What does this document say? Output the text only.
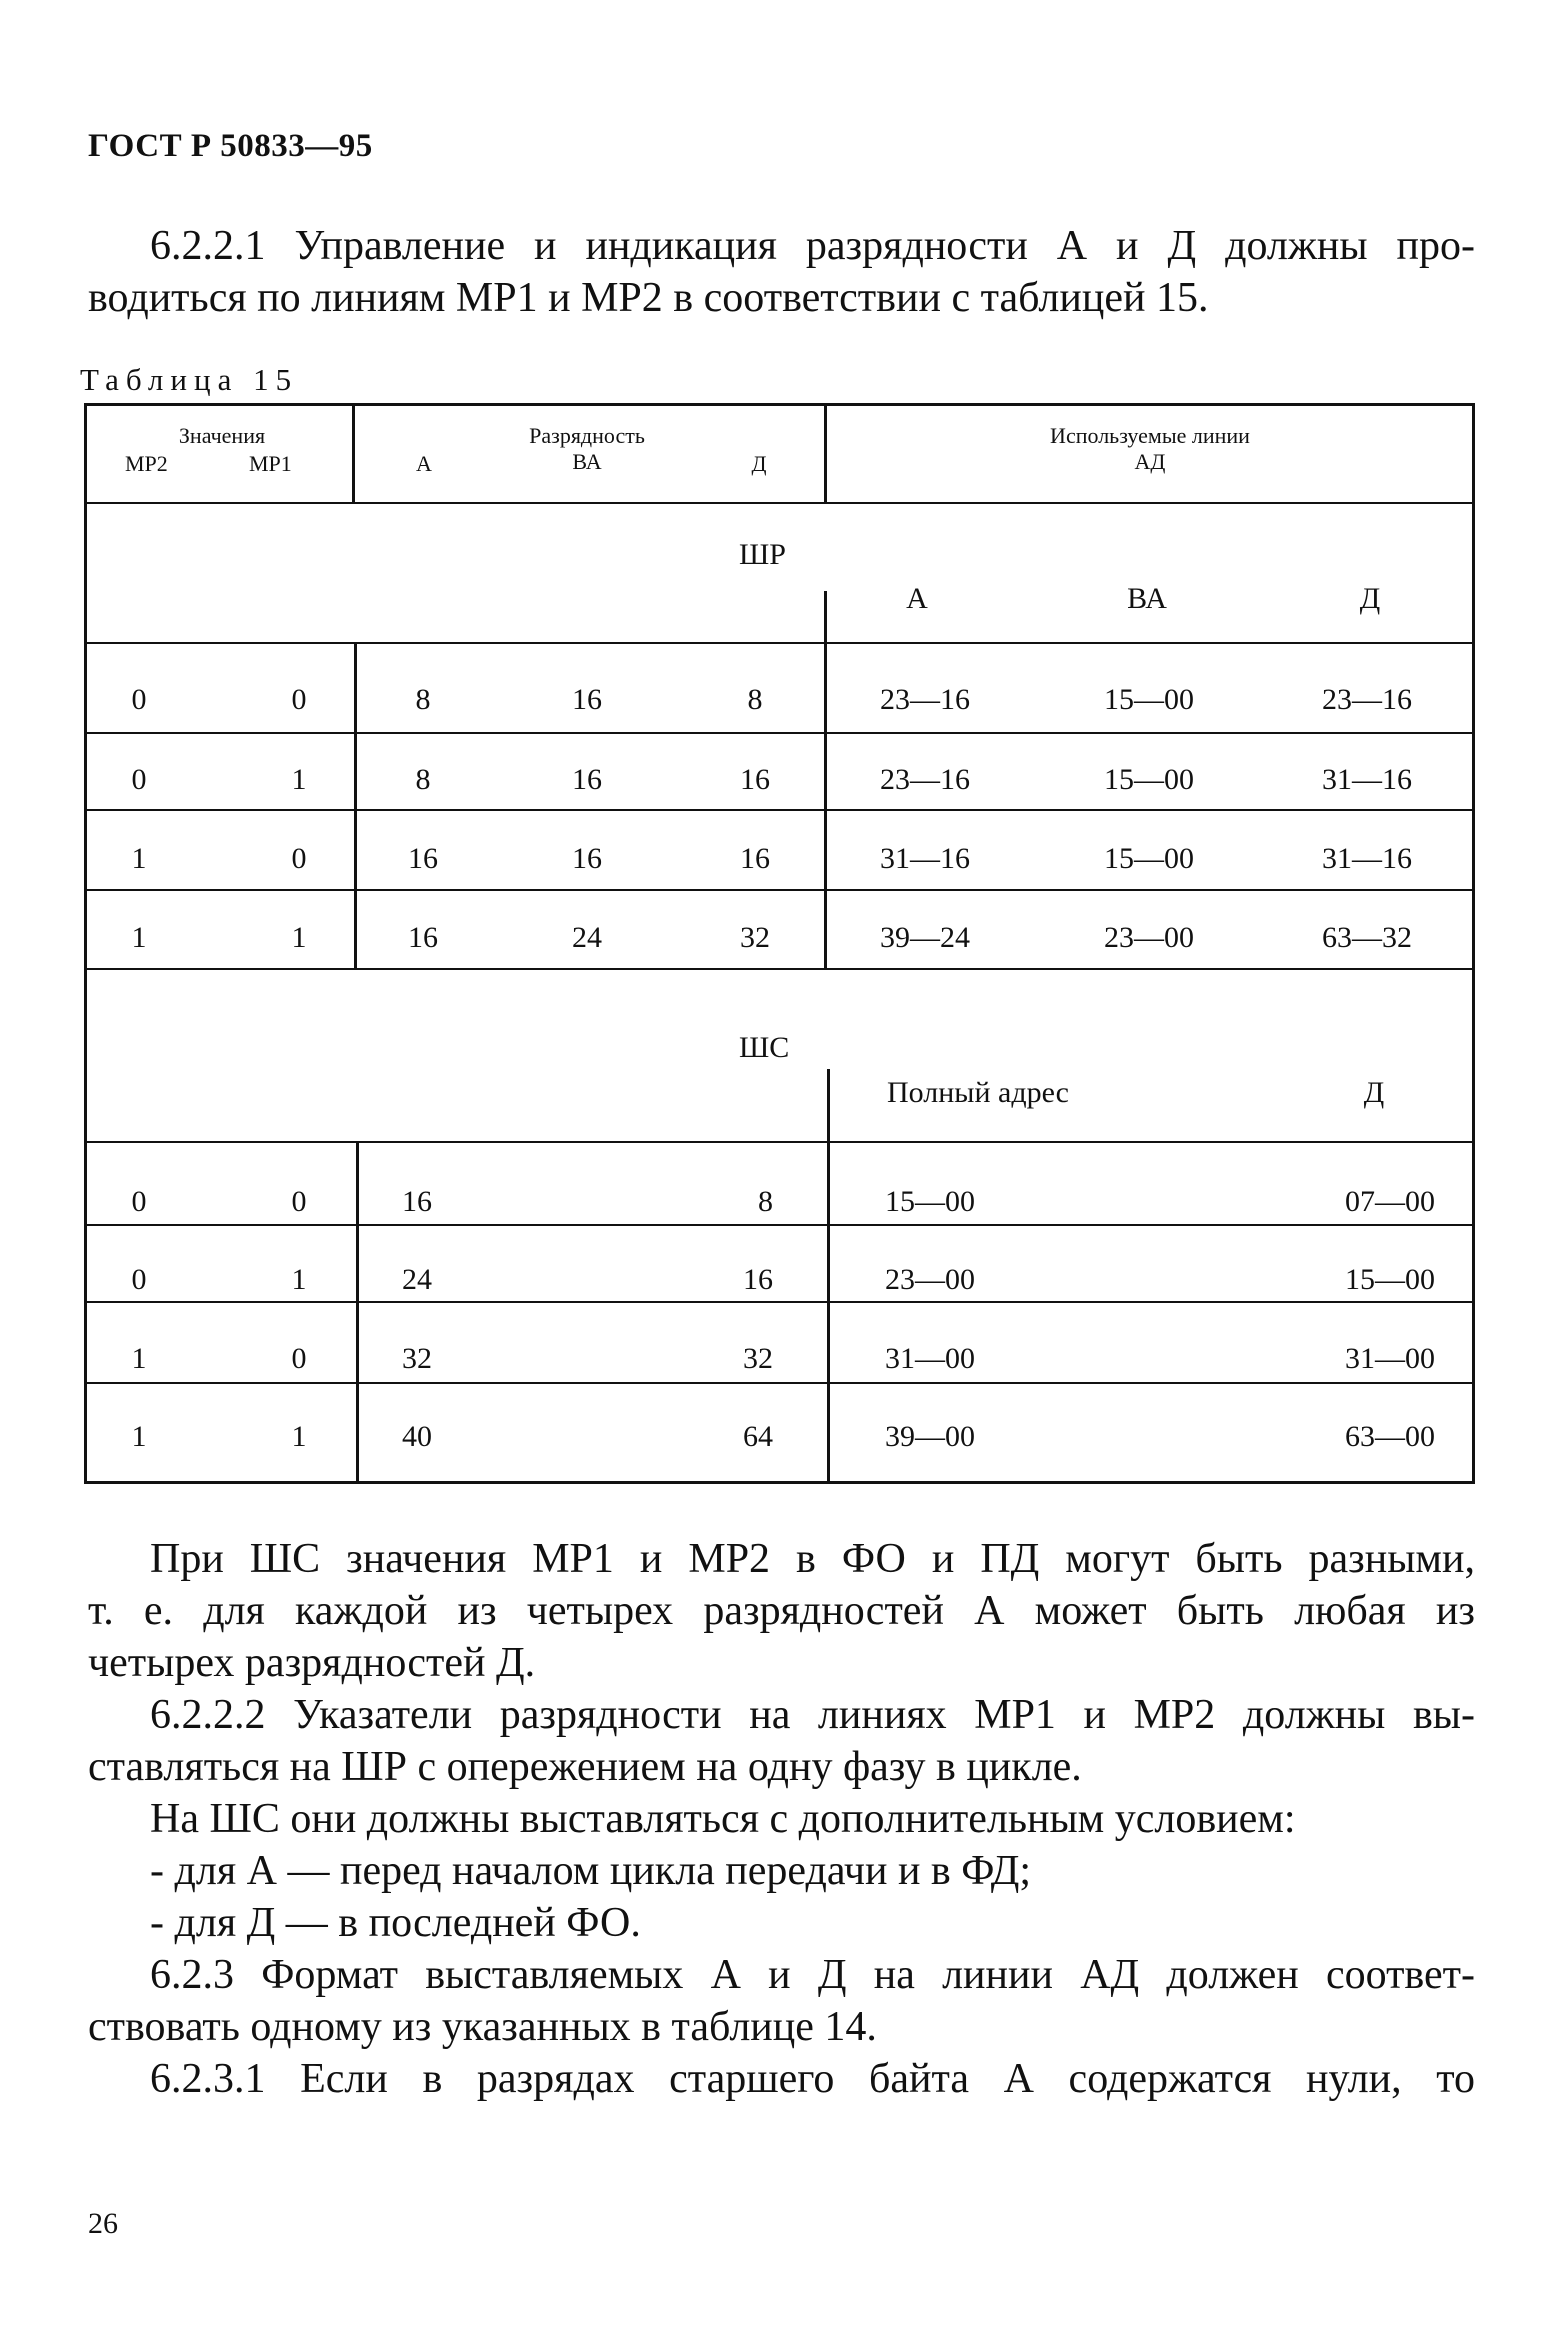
ГОСТ Р 50833—95
6.2.2.1 Управление и индикация разрядности А и Д должны про-
водиться по линиям МР1 и МР2 в соответствии с таблицей 15.
Таблица 15
Значения
МР2	МР1
Разрядность
А	ВА	Д
Используемые линии
АД
ШР
А	ВА	Д
0	0	8	16	8	23—16	15—00	23—16
0	1	8	16	16	23—16	15—00	31—16
1	0	16	16	16	31—16	15—00	31—16
1	1	16	24	32	39—24	23—00	63—32
ШС
Полный адрес	Д
0	0	16	8	15—00	07—00
0	1	24	16	23—00	15—00
1	0	32	32	31—00	31—00
1	1	40	64	39—00	63—00
При ШС значения МР1 и МР2 в ФО и ПД могут быть разными,
т. е. для каждой из четырех разрядностей А может быть любая из
четырех разрядностей Д.
6.2.2.2 Указатели разрядности на линиях МР1 и МР2 должны вы-
ставляться на ШР с опережением на одну фазу в цикле.
На ШС они должны выставляться с дополнительным условием:
- для А — перед началом цикла передачи и в ФД;
- для Д — в последней ФО.
6.2.3 Формат выставляемых А и Д на линии АД должен соответ-
ствовать одному из указанных в таблице 14.
6.2.3.1 Если в разрядах старшего байта А содержатся нули, то
26
